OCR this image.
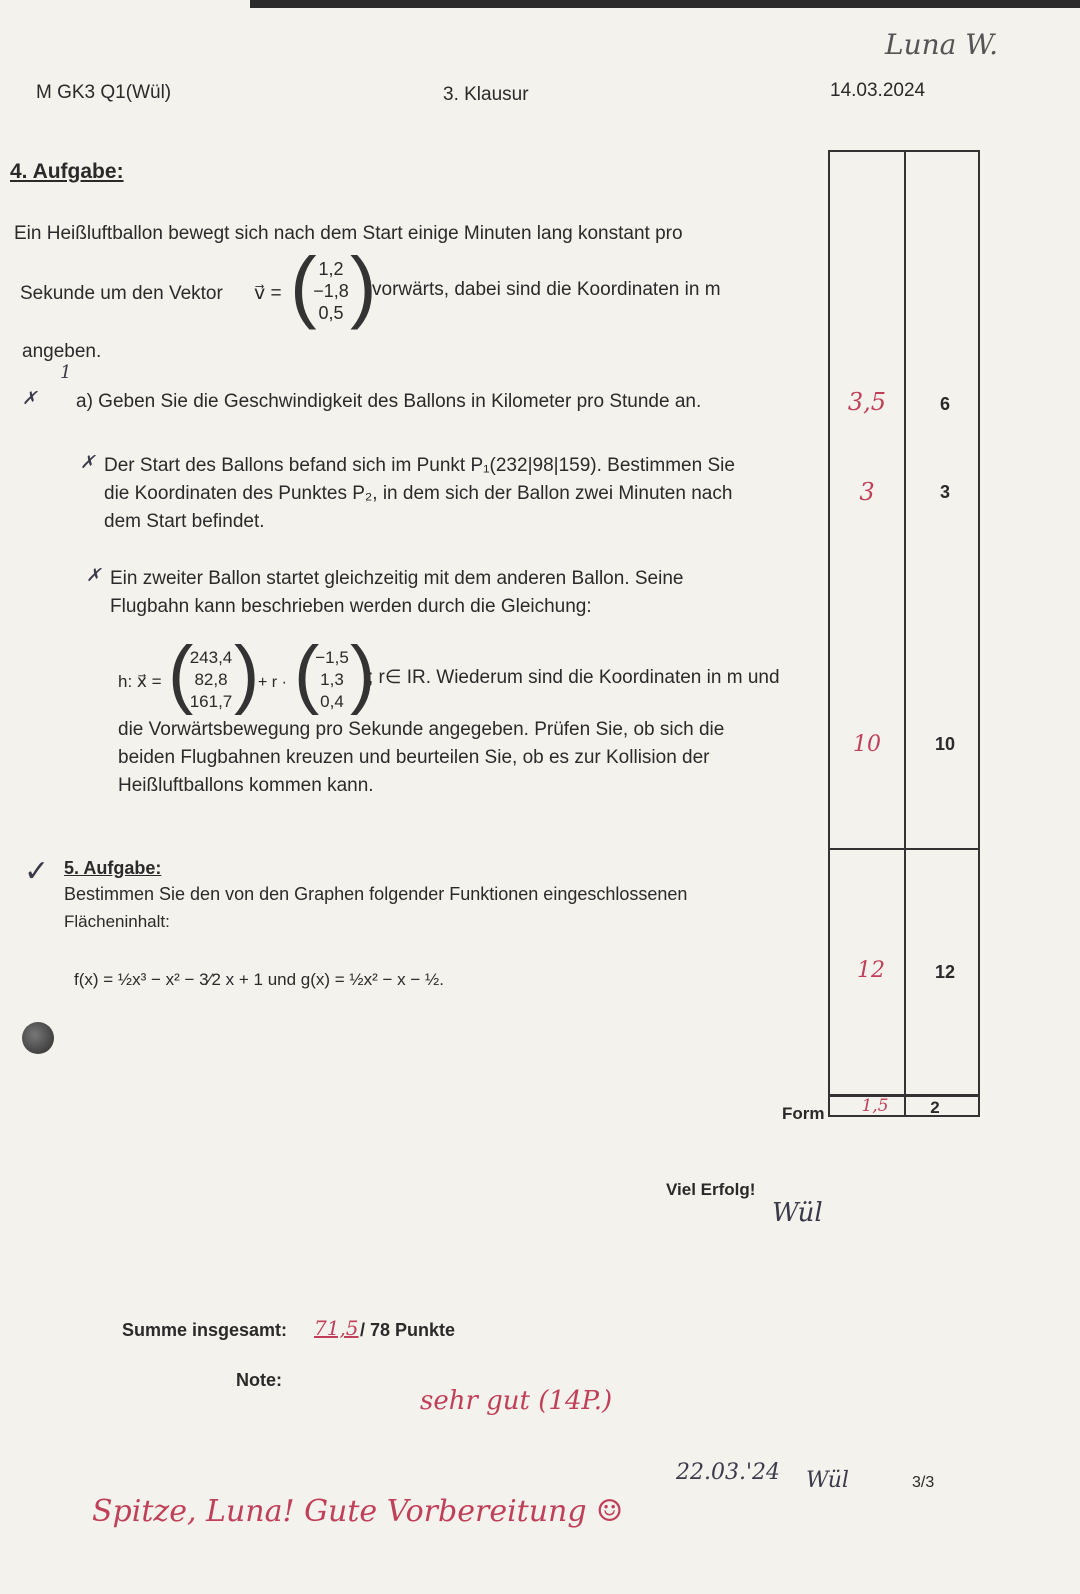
M GK3 Q1(Wül)	3. Klausur	14.03.2024
Luna W.
4. Aufgabe:
Ein Heißluftballon bewegt sich nach dem Start einige Minuten lang konstant pro
Sekunde um den Vektor v⃗ = ( 1,2
−1,8
0,5 )
vorwärts, dabei sind die Koordinaten in m
angeben.
1
✗ a) Geben Sie die Geschwindigkeit des Ballons in Kilometer pro Stunde an.
✗ Der Start des Ballons befand sich im Punkt P₁(232|98|159). Bestimmen Sie
die Koordinaten des Punktes P₂, in dem sich der Ballon zwei Minuten nach
dem Start befindet.
✗ Ein zweiter Ballon startet gleichzeitig mit dem anderen Ballon. Seine
Flugbahn kann beschrieben werden durch die Gleichung:
h: x⃗ = (
243,4
82,8
161,7 )
+ r · (
−1,5
1,3
0,4 )
; r∈ IR. Wiederum sind die Koordinaten in m und
die Vorwärtsbewegung pro Sekunde angegeben. Prüfen Sie, ob sich die
beiden Flugbahnen kreuzen und beurteilen Sie, ob es zur Kollision der
Heißluftballons kommen kann.
✓ 5. Aufgabe:
Bestimmen Sie den von den Graphen folgender Funktionen eingeschlossenen
Flächeninhalt:
f(x) = ½x³ − x² − 3⁄2 x + 1 und g(x) = ½x² − x − ½.
Form
3,5	6
3	3
10	10
12	12
1,5	2
Viel Erfolg!
Wül
Summe insgesamt: 71,5 / 78 Punkte
Note:
sehr gut (14P.)
22.03.'24 Wül	3/3
Spitze, Luna! Gute Vorbereitung ☺
